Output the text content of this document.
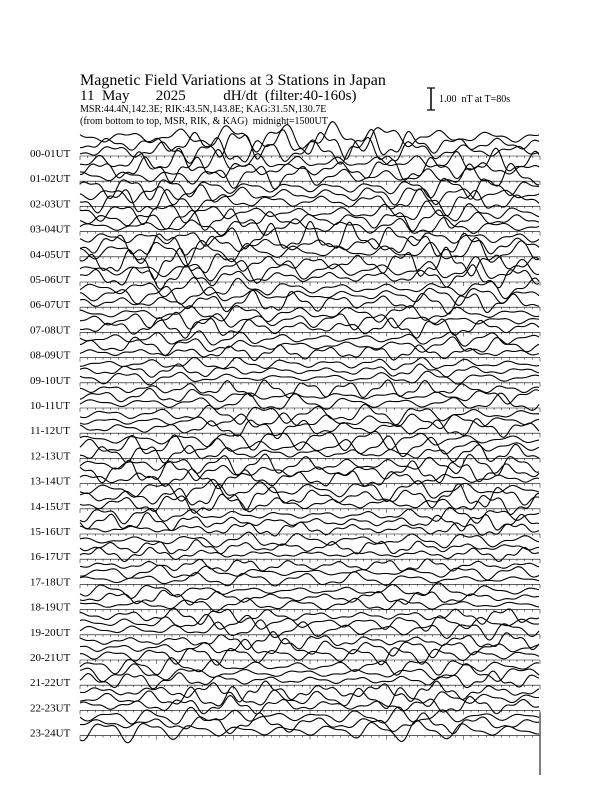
Magnetic Field Variations at 3 Stations in Japan
11  May       2025          dH/dt  (filter:40-160s)
MSR:44.4N,142.3E; RIK:43.5N,143.8E; KAG:31.5N,130.7E
(from bottom to top, MSR, RIK, & KAG)  midnight=1500UT
1.00  nT at T=80s
00-01UT
01-02UT
02-03UT
03-04UT
04-05UT
05-06UT
06-07UT
07-08UT
08-09UT
09-10UT
10-11UT
11-12UT
12-13UT
13-14UT
14-15UT
15-16UT
16-17UT
17-18UT
18-19UT
19-20UT
20-21UT
21-22UT
22-23UT
23-24UT
